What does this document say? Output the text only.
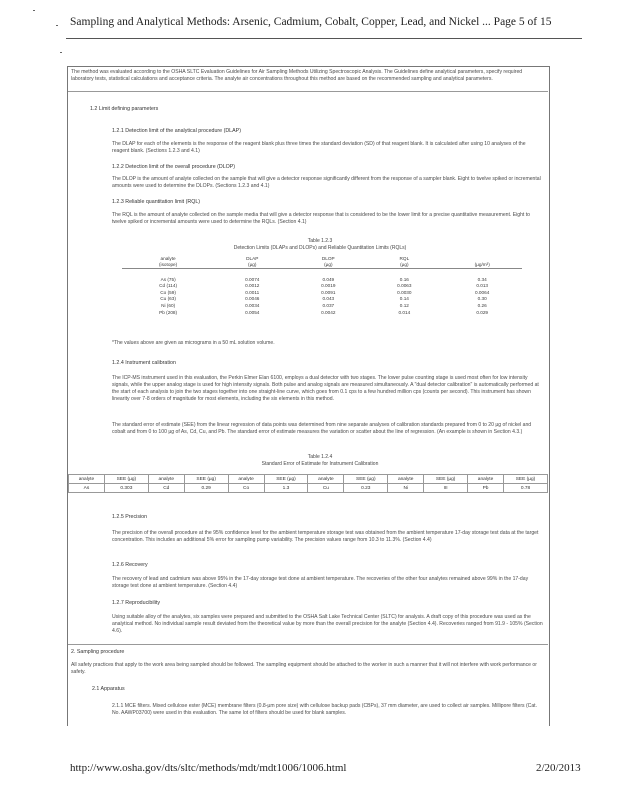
Sampling and Analytical Methods: Arsenic, Cadmium, Cobalt, Copper, Lead, and Nickel ... Page 5 of 15
The method was evaluated according to the OSHA SLTC Evaluation Guidelines for Air Sampling Methods Utilizing Spectroscopic Analysis. The Guidelines define analytical parameters, specify required laboratory tests, statistical calculations and acceptance criteria. The analyte air concentrations throughout this method are based on the recommended sampling and analytical parameters.
1.2 Limit defining parameters
1.2.1 Detection limit of the analytical procedure (DLAP)
The DLAP for each of the elements is the response of the reagent blank plus three times the standard deviation (SD) of that reagent blank. It is calculated after using 10 analyses of the reagent blank. (Sections 1.2.3 and 4.1)
1.2.2 Detection limit of the overall procedure (DLOP)
The DLOP is the amount of analyte collected on the sample that will give a detector response significantly different from the response of a sampler blank. Eight to twelve spiked or incremental amounts were used to determine the DLOPs. (Sections 1.2.3 and 4.1)
1.2.3 Reliable quantitation limit (RQL)
The RQL is the amount of analyte collected on the sample media that will give a detector response that is considered to be the lower limit for a precise quantitative measurement. Eight to twelve spiked or incremental amounts were used to determine the RQLs. (Section 4.1)
Table 1.2.3
Detection Limits (DLAPs and DLOPs) and Reliable Quantitation Limits (RQLs)
analyte	DLAP	DLOP	RQL	
(isotope)	(µg)	(µg)	(µg)	(µg/m³)

As (75)	0.0074	0.049	0.16	0.34
Cd (114)	0.0012	0.0019	0.0063	0.013
Co (59)	0.0011	0.0091	0.0030	0.0064
Cu (63)	0.0046	0.043	0.14	0.30
Ni (60)	0.0034	0.037	0.12	0.26
Pb (208)	0.0054	0.0042	0.014	0.029
*The values above are given as micrograms in a 50 mL solution volume.
1.2.4 Instrument calibration
The ICP-MS instrument used in this evaluation, the Perkin Elmer Elan 6100, employs a dual detector with two stages. The lower pulse counting stage is used most often for low intensity signals, while the upper analog stage is used for high intensity signals. Both pulse and analog signals are measured simultaneously. A "dual detector calibration" is automatically performed at the start of each analysis to join the two stages together into one straight-line curve, which goes from 0.1 cps to a few hundred million cps (counts per second). This instrument has shown linearity over 7-8 orders of magnitude for most elements, including the six elements in this method.
The standard error of estimate (SEE) from the linear regression of data points was determined from nine separate analyses of calibration standards prepared from 0 to 20 µg of nickel and cobalt and from 0 to 100 µg of As, Cd, Cu, and Pb. The standard error of estimate measures the variation or scatter about the line of regression. (An example is shown in Section 4.3.)
Table 1.2.4
Standard Error of Estimate for Instrument Calibration
analyte	SEE (µg)	analyte	SEE (µg)	analyte	SEE (µg)	analyte	SEE (µg)	analyte	SEE (µg)	analyte	SEE (µg)
As	0.303	Cd	0.29	Co	1.3	Cu	0.23	Ni	III	Pb	0.78
1.2.5 Precision
The precision of the overall procedure at the 95% confidence level for the ambient temperature storage test was obtained from the ambient temperature 17-day storage test data at the target concentration. This includes an additional 5% error for sampling pump variability. The precision values range from 10.3 to 11.3%. (Section 4.4)
1.2.6 Recovery
The recovery of lead and cadmium was above 95% in the 17-day storage test done at ambient temperature. The recoveries of the other four analytes remained above 99% in the 17-day storage test done at ambient temperature. (Section 4.4)
1.2.7 Reproducibility
Using suitable alloy of the analytes, six samples were prepared and submitted to the OSHA Salt Lake Technical Center (SLTC) for analysis. A draft copy of this procedure was used as the analytical method. No individual sample result deviated from the theoretical value by more than the overall precision for the analyte (Section 4.4). Recoveries ranged from 91.9 - 105% (Section 4.6).
2. Sampling procedure
All safety practices that apply to the work area being sampled should be followed. The sampling equipment should be attached to the worker in such a manner that it will not interfere with work performance or safety.
2.1 Apparatus
2.1.1 MCE filters. Mixed cellulose ester (MCE) membrane filters (0.8-µm pore size) with cellulose backup pads (CBPs), 37 mm diameter, are used to collect air samples. Millipore filters (Cat. No. AAWP03700) were used in this evaluation. The same lot of filters should be used for blank samples.
http://www.osha.gov/dts/sltc/methods/mdt/mdt1006/1006.html	2/20/2013
